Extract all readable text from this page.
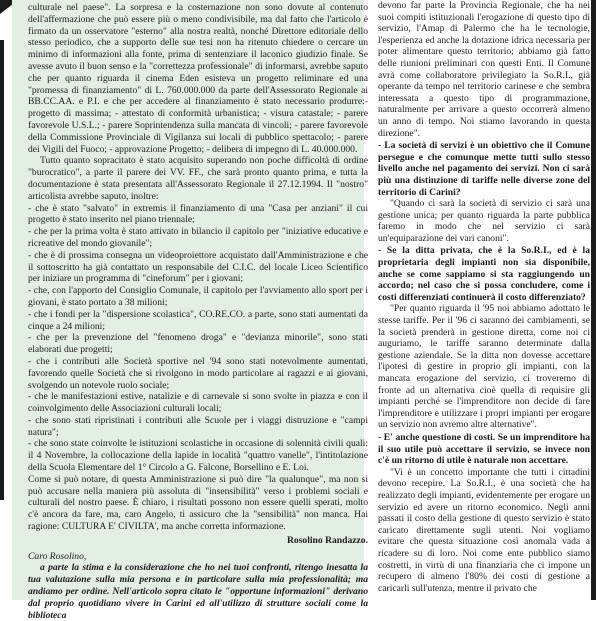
culturale nel paese". La sorpresa e la costernazione non sono dovute al contenuto dell'affermazione che può essere più o meno condivisibile, ma dal fatto che l'articolo è firmato da un osservatore "esterno" alla nostra realtà, nonché Direttore editoriale dello stesso periodico, che a supporto delle sue tesi non ha ritenuto chiedere o cercare un minimo di informazioni alla fonte, prima di sentenziare il laconico giudizio finale. Se avesse avuto il buon senso e la "correttezza professionale" di informarsi, avrebbe saputo che per quanto riguarda il cinema Eden esisteva un progetto reliminare ed una "promessa di finanziamento" di L. 760.000.000 da parte dell'Assessorato Regionale ai BB.CC.AA. e P.I. e che per accedere al finanziamento è stato necessario produrre:- progetto di massima; - attestato di conformità urbanistica; - visura catastale; - parere favorevole U.S.L.; - parere Soprintendenza sulla mancata di vincoli; - parere favorevole della Commissione Provinciale di Vigilanza sui locali di pubblico spettacolo; - parere dei Vigili del Fuoco; - approvazione Progetto; - delibera di impegno di L. 40.000.000.

Tutto quanto sopracitato è stato acquisito superando non poche difficoltà di ordine "burocratico", a parte il parere dei VV. FF., che sarà pronto quanto prima, e tutta la documentazione è stata presentata all'Assessorato Regionale il 27.12.1994. Il "nostro" articolista avrebbe saputo, inoltre:

- che è stato "salvato" in extremis il finanziamento di una "Casa per anziani" il cui progetto è stato inserito nel piano triennale;

- che per la prima volta è stato attivato in bilancio il capitolo per "iniziative educative e ricreative del mondo giovanile";

- che è di prossima consegna un videoproiettore acquistato dall'Amministrazione e che il sottoscritto ha già contattato un responsabile del C.I.C. del locale Liceo Scientifico per iniziare un programma di "cineforum" per i giovani;

- che, con l'apporto del Consiglio Comunale, il capitolo per l'avviamento allo sport per i giovani, è stato portato a 38 milioni;

- che i fondi per la "dispersione scolastica", CO.RE.CO. a parte, sono stati aumentati da cinque a 24 milioni;

- che per la prevenzione del "fenomeno droga" e "devianza minorile", sono stati elaborati due progetti;

- che i contributi alle Società sportive nel '94 sono stati notevolmente aumentati, favorendo quelle Società che si rivolgono in modo particolare ai ragazzi e ai giovani, svolgendo un notevole ruolo sociale;

- che le manifestazioni estive, natalizie e di carnevale si sono svolte in piazza e con il coinvolgimento delle Associazioni culturali locali;

- che sono stati ripristinati i contributi alle Scuole per i viaggi distruzione e "campi natura";

- che sono state coinvolte le istituzioni scolastiche in occasione di solennità civili quali: il 4 Novembre, la collocazione della lapide in località "quattro vanelle", l'intitolazione della Scuola Elementare del 1° Circolo a G. Falcone, Borsellino e E. Loi.

Come si può notare, di questa Amministrazione si può dire "la qualunque", ma non si può accusare nella maniera più assoluta di "insensibilità" verso i problemi sociali e culturali del nostro paese. È chiaro, i risultati possono non essere quelli sperati, molto c'è ancora da fare, ma, caro Angelo, ti assicuro che la "sensibilità" non manca. Hai ragione: CULTURA E' CIVILTA', ma anche corretta informazione.

Rosolino Randazzo.

Caro Rosolino,

a parte la stima e la considerazione che ho nei tuoi confronti, ritengo inesatta la tua valutazione sulla mia persona e in particolare sulla mia professionalità; ma andiamo per ordine. Nell'articolo sopra citato le "opportune informazioni" derivano dal proprio quotidiano vivere in Carini ed all'utilizzo di strutture sociali come la biblioteca

devono far parte la Provincia Regionale, che ha nei suoi compiti istituzionali l'erogazione di questo tipo di servizio, l'Amap di Palermo che ha le tecnologie, l'esperienza ed anche la dotazione idrica necessaria per poter alimentare questo territorio; abbiamo già fatto delle riunioni preliminari con questi Enti. Il Comune avrà come collaboratore privilegiato la So.R.I., già operante da tempo nel territorio carinese e che sembra interessata a questo tipo di programmazione, naturalmente per arrivare a questo occorrerà almeno un anno di tempo. Noi stiamo lavorando in questa direzione".

- La società di servizi è un obiettivo che il Comune persegue e che comunque mette tutti sullo stesso livello anche nel pagamento dei servizi. Non ci sarà più una distinzione di tariffe nelle diverse zone del territorio di Carini?

"Quando ci sarà la società di servizio ci sarà una gestione unica; per quanto riguarda la parte pubblica faremo in modo che nel servizio ci sarà un'equiparazione dei vari canoni".

- Se la ditta privata, che è la So.R.I., ed è la proprietaria degli impianti non sia disponibile, anche se come sappiamo si sta raggiungendo un accordo; nel caso che si possa concludere, come i costi differenziati continuerà il costo differenziato?

"Per quanto riguarda il '95 noi abbiamo adottato le stesse tariffe. Per il '96 ci saranno dei cambiamenti, se la società prenderà in gestione diretta, come noi ci auguriamo, le tariffe saranno determinate dalla gestione aziendale. Se la ditta non dovesse accettare l'ipotesi di gestire in proprio gli impianti, con la mancata erogazione del servizio, ci troveremo di fronte ad un alternativa cioè quella di requisire gli impianti perché se l'imprenditore non decide di fare l'imprenditore e utilizzare i propri impianti per erogare un servizio non avremo altre alternative".

- E' anche questione di costi. Se un imprenditore ha il suo utile può accettare il servizio, se invece non c'è un ritorno di utile è naturale non accettare.

"Vi è un concetto importante che tutti i cittadini devono recepire. La So.R.I., è una società che ha realizzato degli impianti, evidentemente per erogare un servizio ed avere un ritorno economico. Negli anni passati il costo della gestione di questo servizio è stato caricato direttamente sugli utenti. Noi vogliamo evitare che questa situazione così anomala vada a ricadere su di loro. Noi come ente pubblico siamo costretti, in virtù di una finanziaria che ci impone un recupero di almeno l'80% dei costi di gestione a caricarli sull'utenza, mentre il privato che
